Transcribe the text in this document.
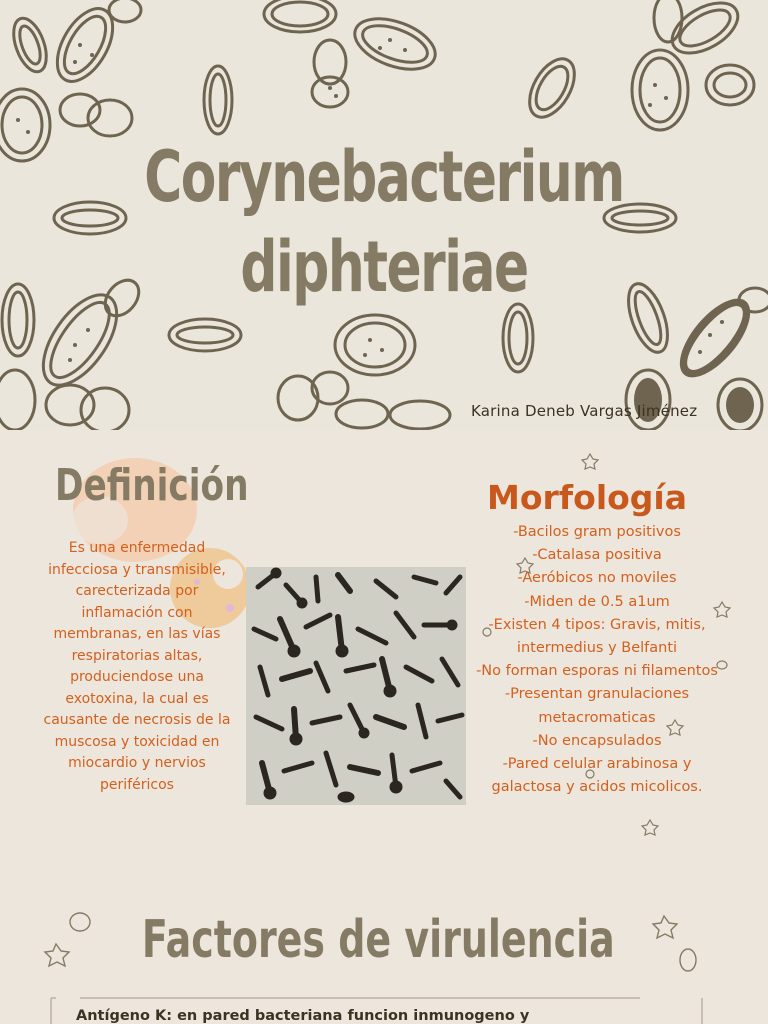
Corynebacterium
diphteriae

Karina Deneb Vargas Jiménez

Definición

Es una enfermedad infecciosa y transmisible, carecterizada por inflamación con membranas, en las vías respiratorias altas, produciendose una exotoxina, la cual es causante de necrosis de la muscosa y toxicidad en miocardio y nervios periféricos

Morfología
-Bacilos gram positivos
-Catalasa positiva
-Aeróbicos no moviles
-Miden de 0.5 a1um
-Existen 4 tipos: Gravis, mitis, intermedius y Belfanti
-No forman esporas ni filamentos
-Presentan granulaciones metacromaticas
-No encapsulados
-Pared celular arabinosa y galactosa y acidos micolicos.
Factores de virulencia

Antígeno K: en pared bacteriana funcion inmunogeno y
